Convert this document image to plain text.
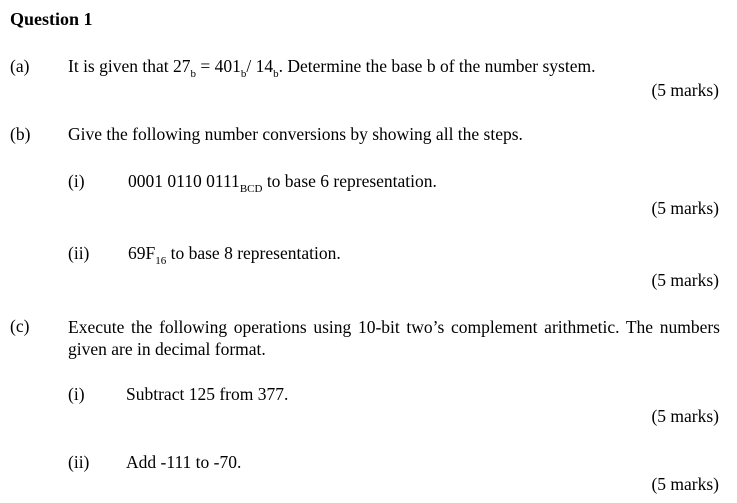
Question 1
(a) It is given that $27_b = 401_b/$ $14_b$. Determine the base b of the number system.
(5 marks)
(b) Give the following number conversions by showing all the steps.
(i) 0001 0110 $0111_{BCD}$ to base 6 representation.
(5 marks)
(ii) $69F_{16}$ to base 8 representation.
(5 marks)
(c) Execute the following operations using 10-bit two’s complement arithmetic. The numbers given are in decimal format.
(i) Subtract 125 from 377.
(5 marks)
(ii) Add -111 to -70.
(5 marks)
